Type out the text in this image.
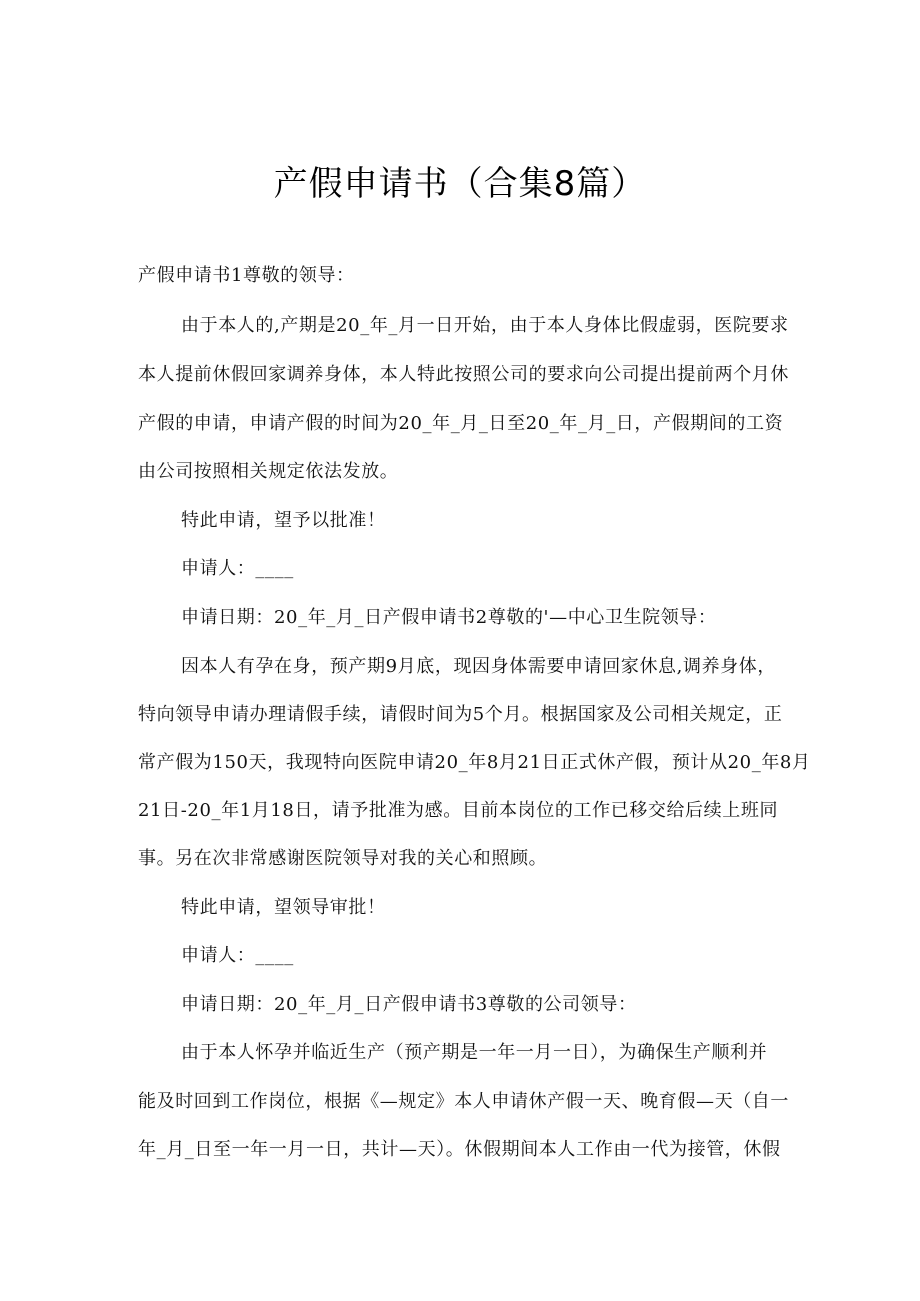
产假申请书（合集8篇）
产假申请书1尊敬的领导：
由于本人的,产期是20_年_月一日开始，由于本人身体比假虚弱，医院要求
本人提前休假回家调养身体，本人特此按照公司的要求向公司提出提前两个月休
产假的申请，申请产假的时间为20_年_月_日至20_年_月_日，产假期间的工资
由公司按照相关规定依法发放。
特此申请，望予以批准！
申请人：____
申请日期：20_年_月_日产假申请书2尊敬的'—中心卫生院领导：
因本人有孕在身，预产期9月底，现因身体需要申请回家休息,调养身体，
特向领导申请办理请假手续，请假时间为5个月。根据国家及公司相关规定，正
常产假为150天，我现特向医院申请20_年8月21日正式休产假，预计从20_年8月
21日-20_年1月18日，请予批准为感。目前本岗位的工作已移交给后续上班同
事。另在次非常感谢医院领导对我的关心和照顾。
特此申请，望领导审批！
申请人：____
申请日期：20_年_月_日产假申请书3尊敬的公司领导：
由于本人怀孕并临近生产（预产期是一年一月一日），为确保生产顺利并
能及时回到工作岗位，根据《—规定》本人申请休产假一天、晚育假—天（自一
年_月_日至一年一月一日，共计—天）。休假期间本人工作由一代为接管，休假
